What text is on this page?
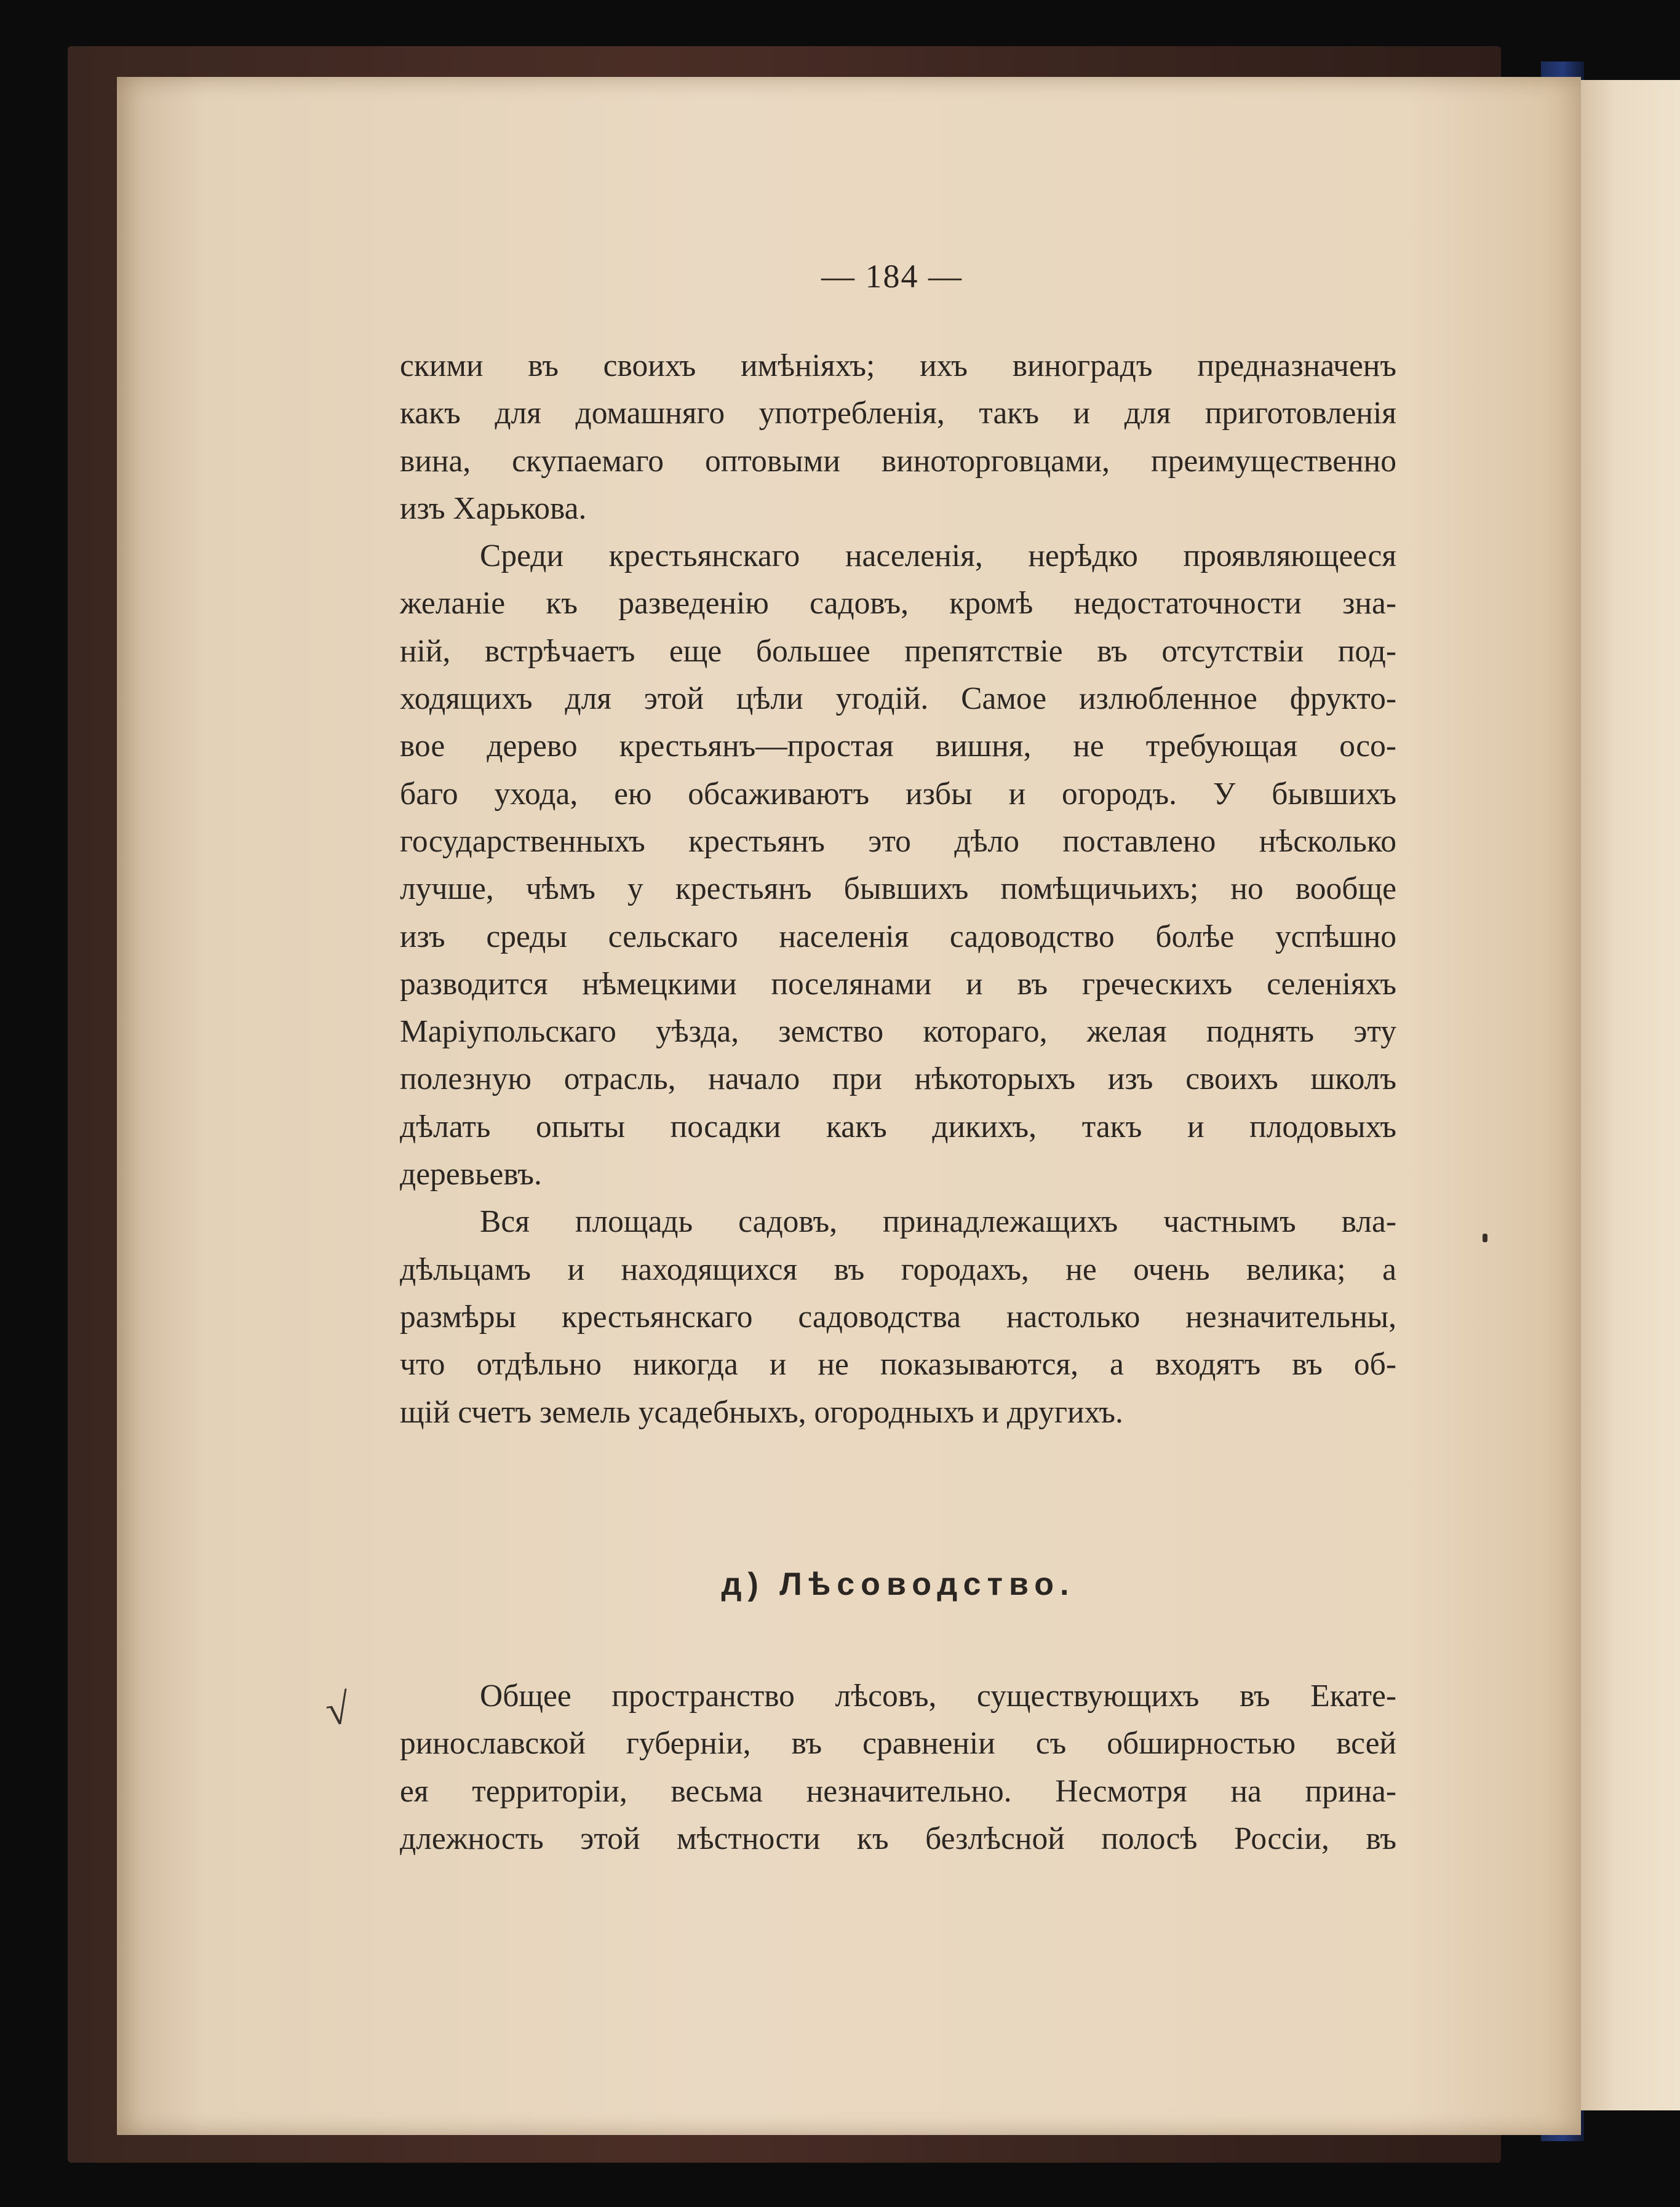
— 184 —
скими въ своихъ имѣніяхъ; ихъ виноградъ предназначенъ
какъ для домашняго употребленія, такъ и для приготовленія
вина, скупаемаго оптовыми виноторговцами, преимущественно
изъ Харькова.
Среди крестьянскаго населенія, нерѣдко проявляющееся
желаніе къ разведенію садовъ, кромѣ недостаточности зна-
ній, встрѣчаетъ еще большее препятствіе въ отсутствіи под-
ходящихъ для этой цѣли угодій. Самое излюбленное фрукто-
вое дерево крестьянъ—простая вишня, не требующая осо-
баго ухода, ею обсаживаютъ избы и огородъ. У бывшихъ
государственныхъ крестьянъ это дѣло поставлено нѣсколько
лучше, чѣмъ у крестьянъ бывшихъ помѣщичьихъ; но вообще
изъ среды сельскаго населенія садоводство болѣе успѣшно
разводится нѣмецкими поселянами и въ греческихъ селеніяхъ
Маріупольскаго уѣзда, земство котораго, желая поднять эту
полезную отрасль, начало при нѣкоторыхъ изъ своихъ школъ
дѣлать опыты посадки какъ дикихъ, такъ и плодовыхъ
деревьевъ.
Вся площадь садовъ, принадлежащихъ частнымъ вла-
дѣльцамъ и находящихся въ городахъ, не очень велика; а
размѣры крестьянскаго садоводства настолько незначительны,
что отдѣльно никогда и не показываются, а входятъ въ об-
щій счетъ земель усадебныхъ, огородныхъ и другихъ.
д) Лѣсоводство.
√	Общее пространство лѣсовъ, существующихъ въ Екате-
ринославской губерніи, въ сравненіи съ обширностью всей
ея территоріи, весьма незначительно. Несмотря на прина-
длежность этой мѣстности къ безлѣсной полосѣ Россіи, въ
